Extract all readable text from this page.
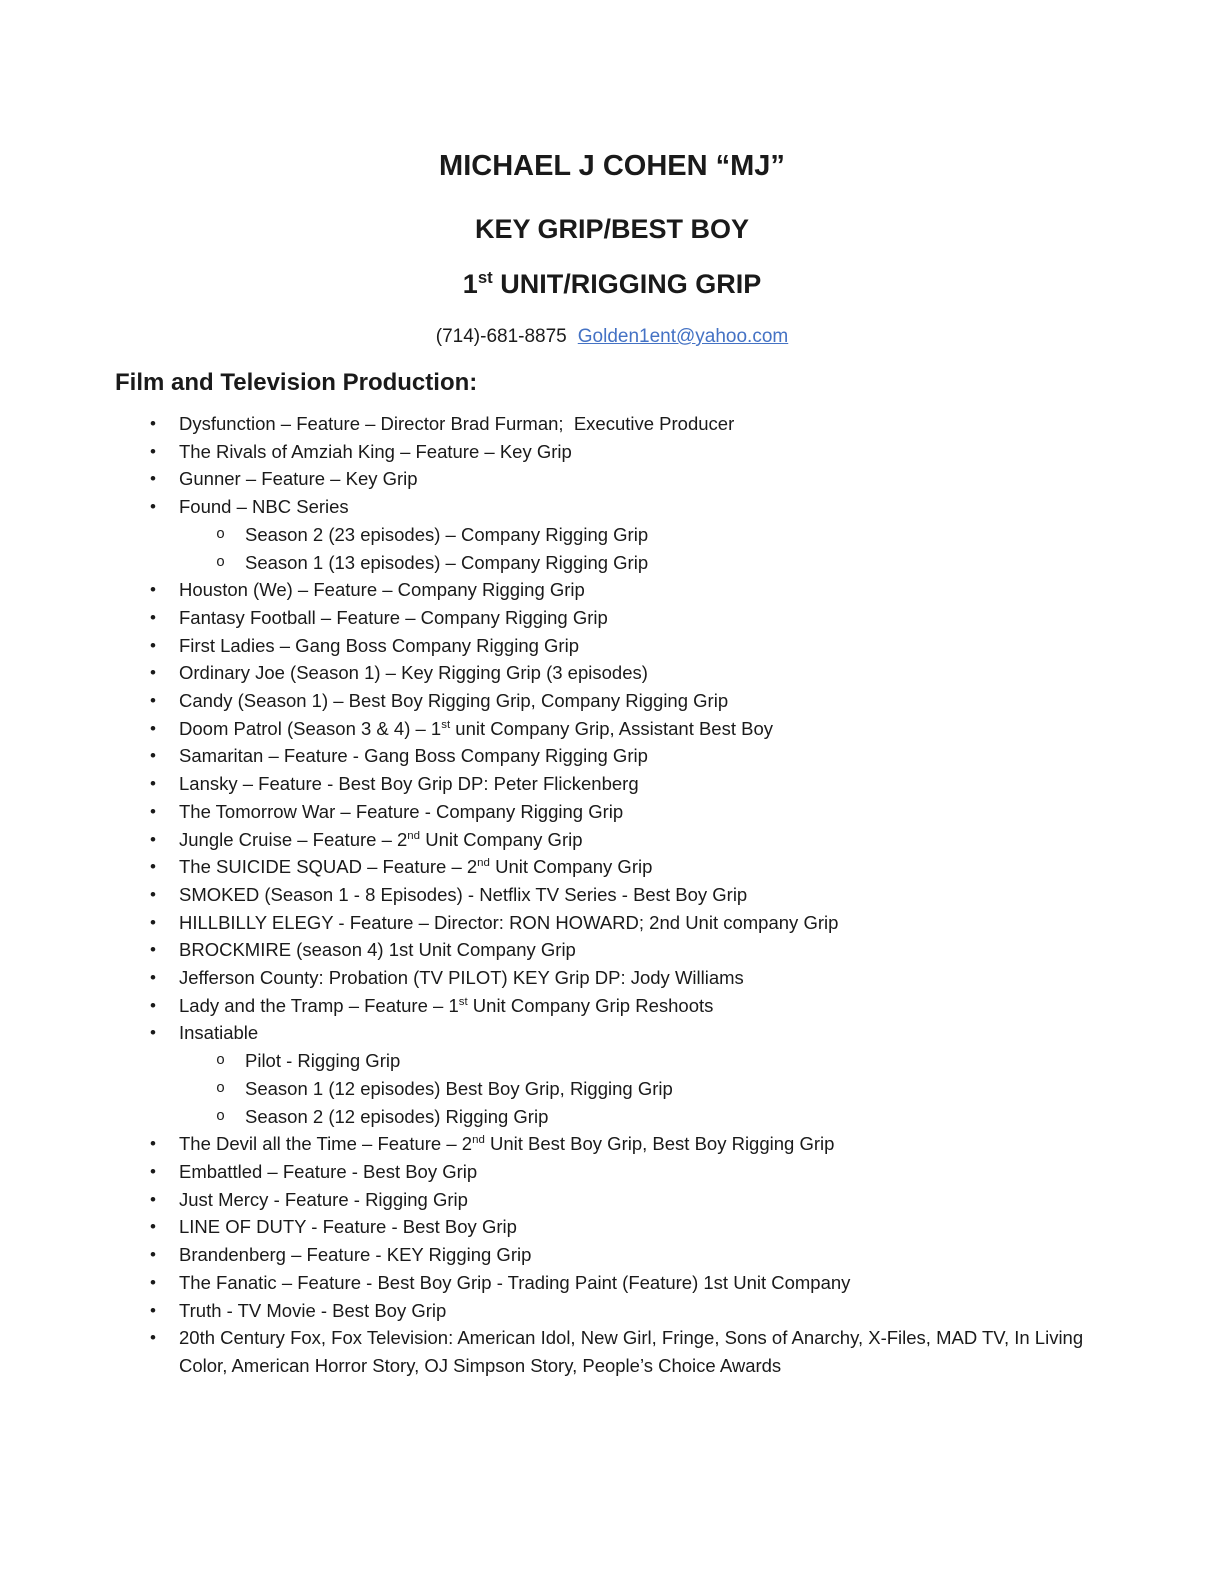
MICHAEL J COHEN “MJ”
KEY GRIP/BEST BOY
1st UNIT/RIGGING GRIP
(714)-681-8875 Golden1ent@yahoo.com
Film and Television Production:
•	Dysfunction – Feature – Director Brad Furman;  Executive Producer
•	The Rivals of Amziah King – Feature – Key Grip
•	Gunner – Feature – Key Grip
•	Found – NBC Series
o	Season 2 (23 episodes) – Company Rigging Grip
o	Season 1 (13 episodes) – Company Rigging Grip
•	Houston (We) – Feature – Company Rigging Grip
•	Fantasy Football – Feature – Company Rigging Grip
•	First Ladies – Gang Boss Company Rigging Grip
•	Ordinary Joe (Season 1) – Key Rigging Grip (3 episodes)
•	Candy (Season 1) – Best Boy Rigging Grip, Company Rigging Grip
•	Doom Patrol (Season 3 & 4) – 1st unit Company Grip, Assistant Best Boy
•	Samaritan – Feature - Gang Boss Company Rigging Grip
•	Lansky – Feature - Best Boy Grip DP: Peter Flickenberg
•	The Tomorrow War – Feature - Company Rigging Grip
•	Jungle Cruise – Feature – 2nd Unit Company Grip
•	The SUICIDE SQUAD – Feature – 2nd Unit Company Grip
•	SMOKED (Season 1 - 8 Episodes) - Netflix TV Series - Best Boy Grip
•	HILLBILLY ELEGY - Feature – Director: RON HOWARD; 2nd Unit company Grip
•	BROCKMIRE (season 4) 1st Unit Company Grip
•	Jefferson County: Probation (TV PILOT) KEY Grip DP: Jody Williams
•	Lady and the Tramp – Feature – 1st Unit Company Grip Reshoots
•	Insatiable
o	Pilot - Rigging Grip
o	Season 1 (12 episodes) Best Boy Grip, Rigging Grip
o	Season 2 (12 episodes) Rigging Grip
•	The Devil all the Time – Feature – 2nd Unit Best Boy Grip, Best Boy Rigging Grip
•	Embattled – Feature - Best Boy Grip
•	Just Mercy - Feature - Rigging Grip
•	LINE OF DUTY - Feature - Best Boy Grip
•	Brandenberg – Feature - KEY Rigging Grip
•	The Fanatic – Feature - Best Boy Grip - Trading Paint (Feature) 1st Unit Company
•	Truth - TV Movie - Best Boy Grip
•	20th Century Fox, Fox Television: American Idol, New Girl, Fringe, Sons of Anarchy, X-Files, MAD TV, In Living Color, American Horror Story, OJ Simpson Story, People’s Choice Awards
